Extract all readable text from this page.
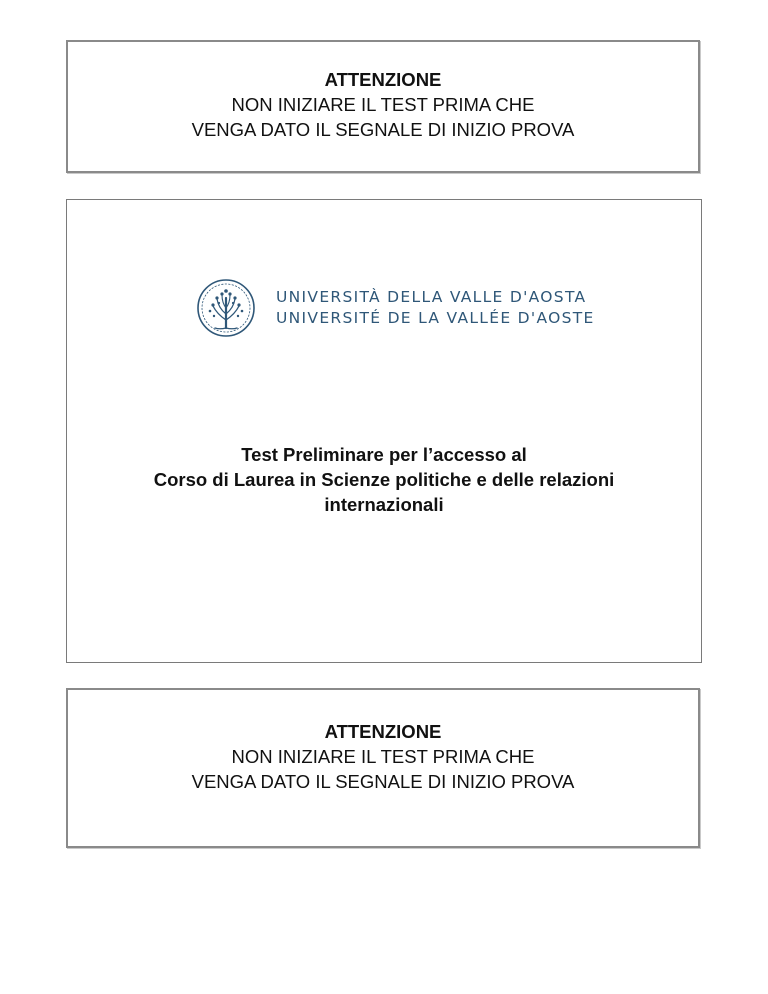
ATTENZIONE
NON INIZIARE IL TEST PRIMA CHE
VENGA DATO IL SEGNALE DI INIZIO PROVA
UNIVERSITÀ DELLA VALLE D'AOSTA
UNIVERSITÉ DE LA VALLÉE D'AOSTE
Test Preliminare per l’accesso al
Corso di Laurea in Scienze politiche e delle relazioni
internazionali
ATTENZIONE
NON INIZIARE IL TEST PRIMA CHE
VENGA DATO IL SEGNALE DI INIZIO PROVA
